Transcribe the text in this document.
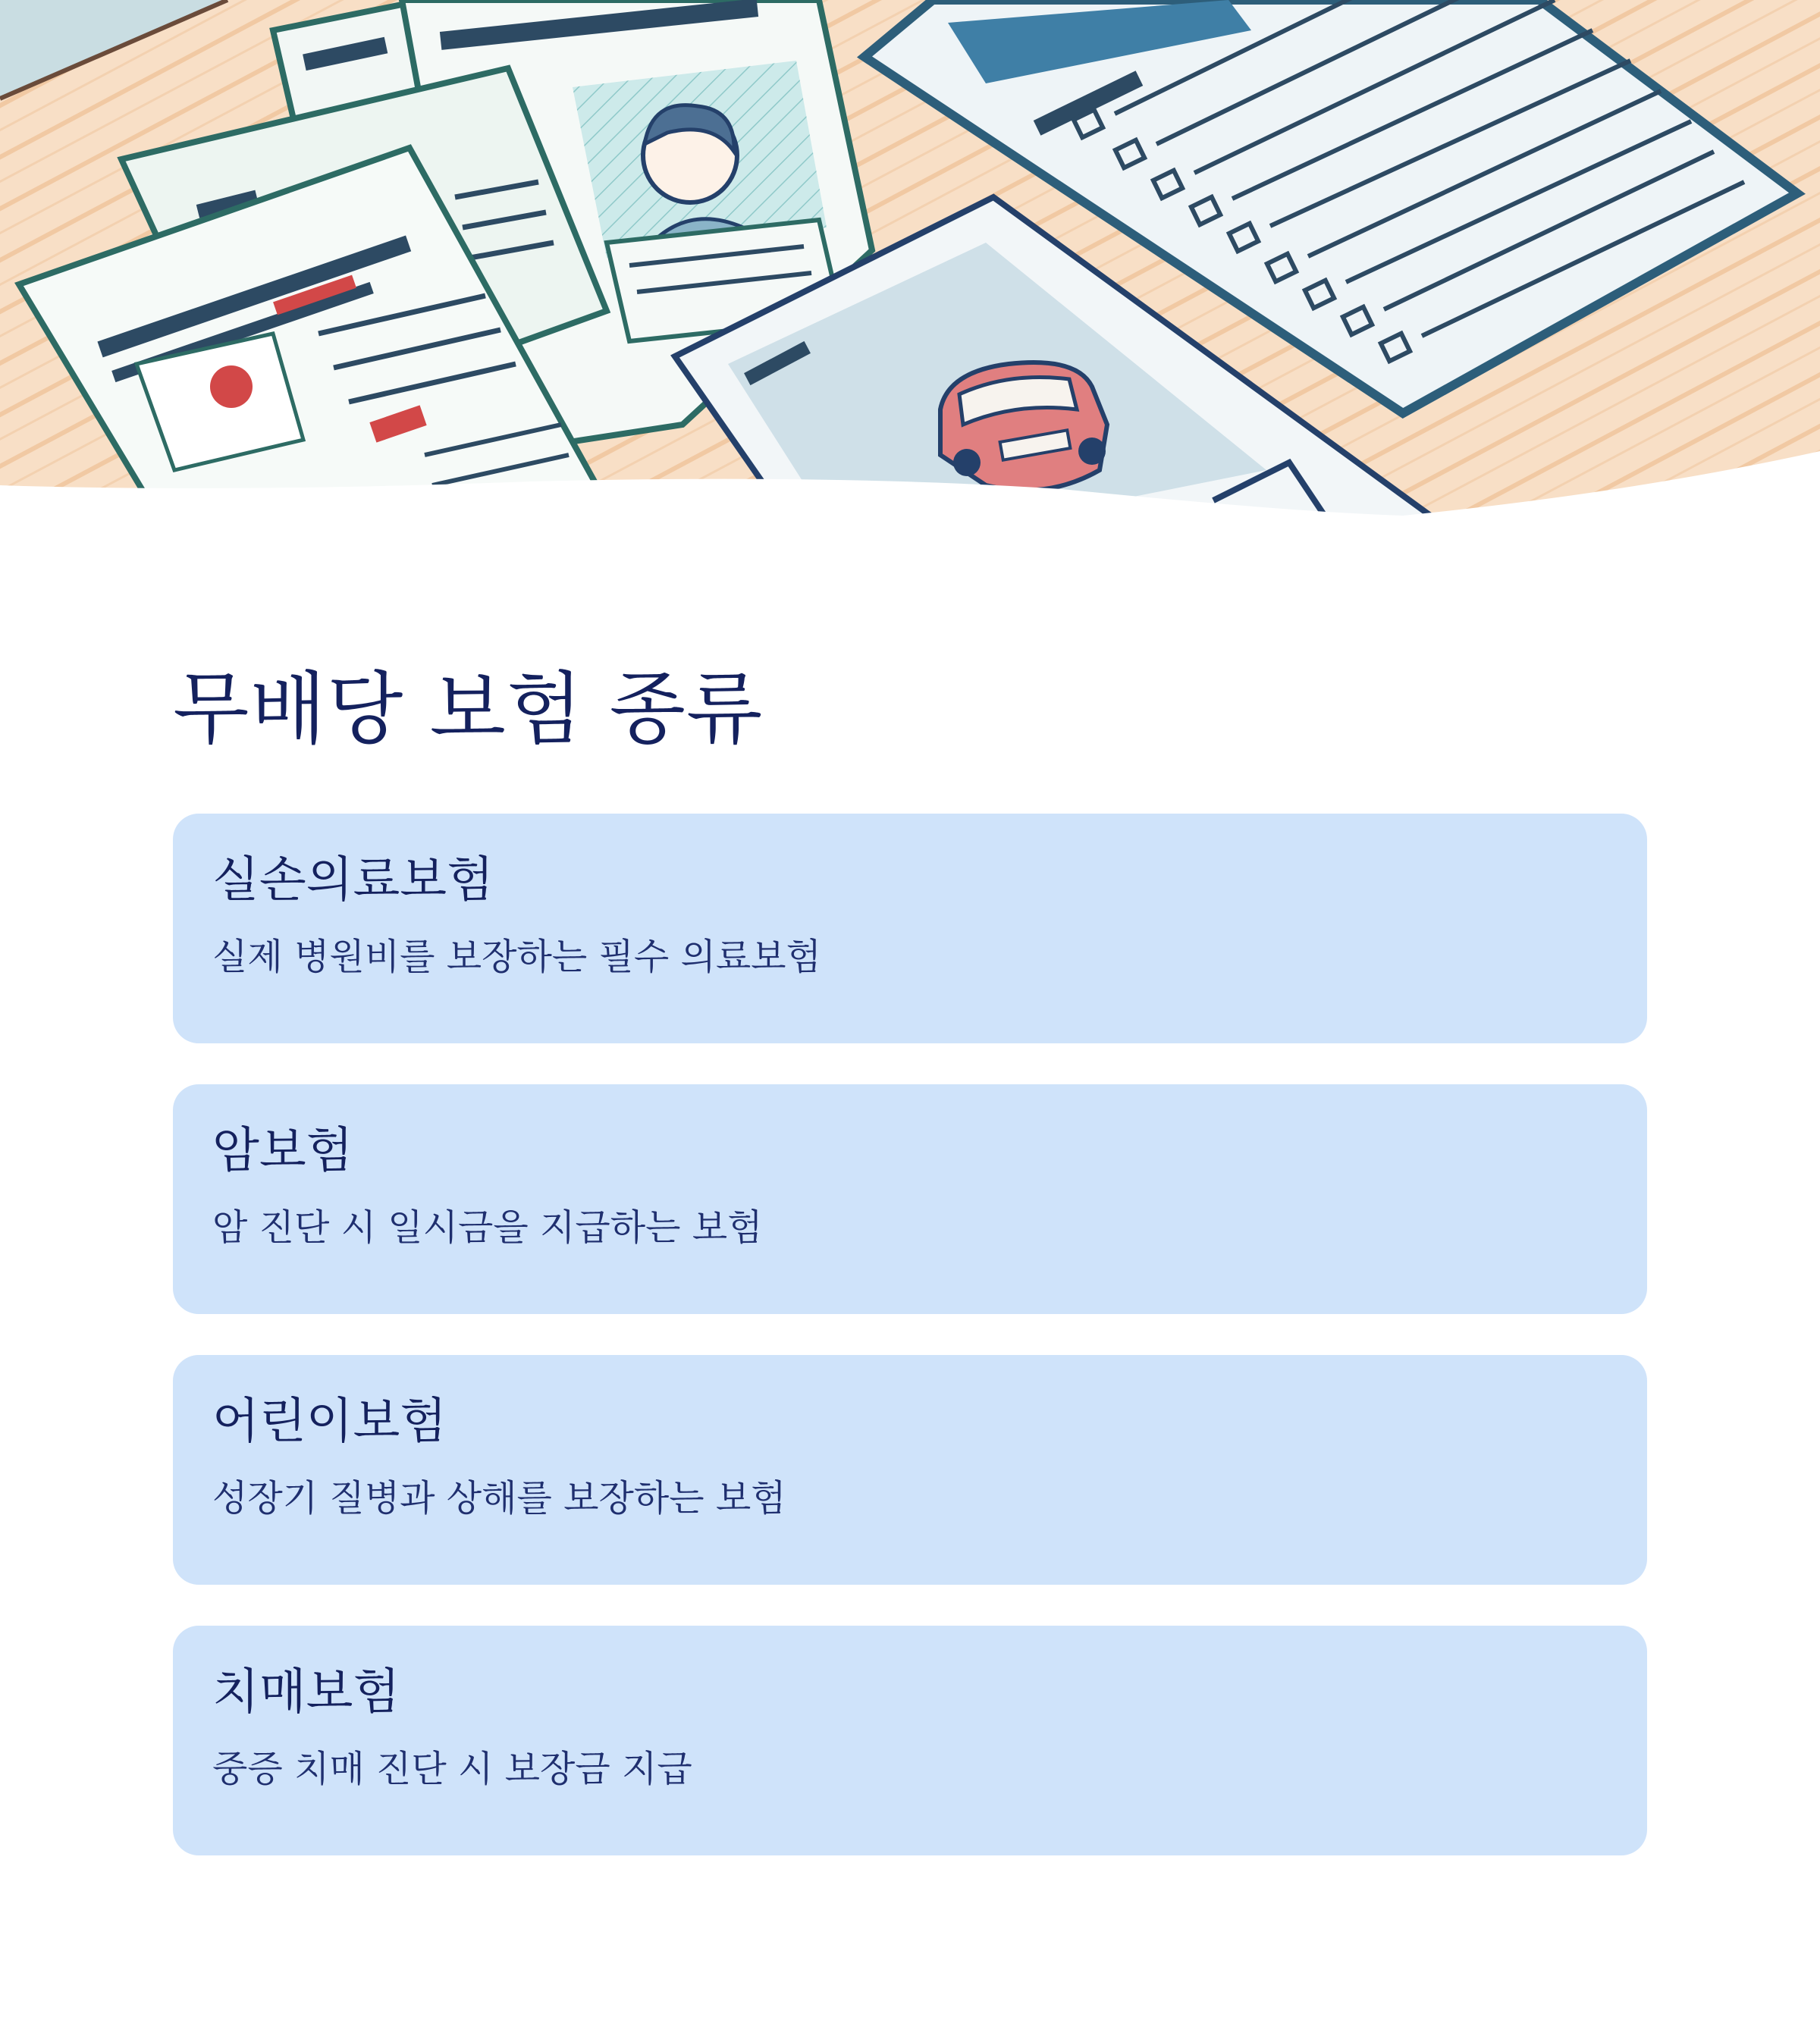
무배당 보험 종류
실손의료보험
실제 병원비를 보장하는 필수 의료보험
암보험
암 진단 시 일시금을 지급하는 보험
어린이보험
성장기 질병과 상해를 보장하는 보험
치매보험
중증 치매 진단 시 보장금 지급
